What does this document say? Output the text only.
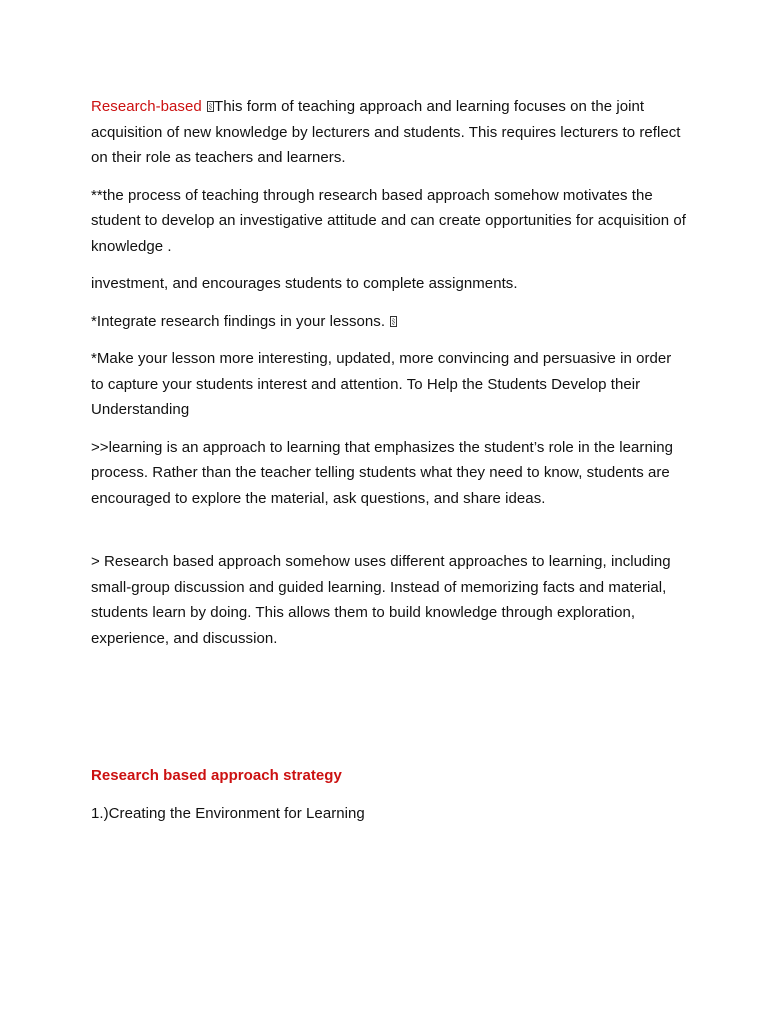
Research-based This form of teaching approach and learning focuses on the joint acquisition of new knowledge by lecturers and students. This requires lecturers to reflect on their role as teachers and learners.

**the process of teaching through research based approach somehow motivates the student to develop an investigative attitude and can create opportunities for acquisition of knowledge .

investment, and encourages students to complete assignments.

*Integrate research findings in your lessons.

*Make your lesson more interesting, updated, more convincing and persuasive in order to capture your students interest and attention. To Help the Students Develop their Understanding

>>learning is an approach to learning that emphasizes the student’s role in the learning process. Rather than the teacher telling students what they need to know, students are encouraged to explore the material, ask questions, and share ideas.

> Research based approach somehow uses different approaches to learning, including small-group discussion and guided learning. Instead of memorizing facts and material, students learn by doing. This allows them to build knowledge through exploration, experience, and discussion.

Research based approach strategy

1.)Creating the Environment for Learning
